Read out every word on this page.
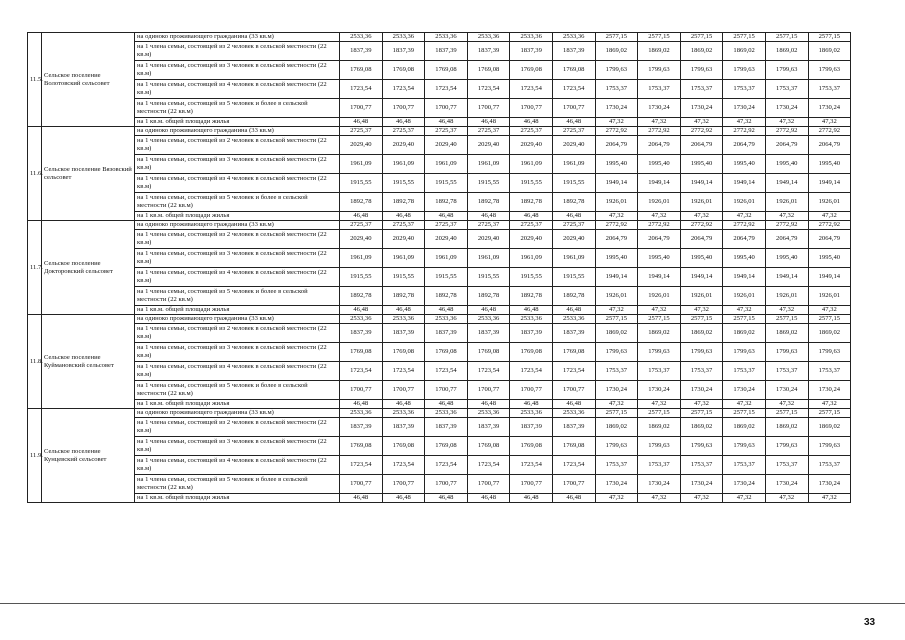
11.5.	Сельское поселение Волотовский сельсовет	на одиноко проживающего гражданина (33 кв.м)	2533,36	2533,36	2533,36	2533,36	2533,36	2533,36	2577,15	2577,15	2577,15	2577,15	2577,15	2577,15
		на 1 члена семьи, состоящей из 2 человек в сельской местности (22 кв.м)	1837,39	1837,39	1837,39	1837,39	1837,39	1837,39	1869,02	1869,02	1869,02	1869,02	1869,02	1869,02
		на 1 члена семьи, состоящей из 3 человек в сельской местности (22 кв.м)	1769,08	1769,08	1769,08	1769,08	1769,08	1769,08	1799,63	1799,63	1799,63	1799,63	1799,63	1799,63
		на 1 члена семьи, состоящей из 4 человек в сельской местности (22 кв.м)	1723,54	1723,54	1723,54	1723,54	1723,54	1723,54	1753,37	1753,37	1753,37	1753,37	1753,37	1753,37
		на 1 члена семьи, состоящей из 5 человек и более в сельской местности (22 кв.м)	1700,77	1700,77	1700,77	1700,77	1700,77	1700,77	1730,24	1730,24	1730,24	1730,24	1730,24	1730,24
		на 1 кв.м. общей площади жилья	46,48	46,48	46,48	46,48	46,48	46,48	47,32	47,32	47,32	47,32	47,32	47,32
11.6.	Сельское поселение Вязовский сельсовет	на одиноко проживающего гражданина (33 кв.м)	2725,37	2725,37	2725,37	2725,37	2725,37	2725,37	2772,92	2772,92	2772,92	2772,92	2772,92	2772,92
		на 1 члена семьи, состоящей из 2 человек в сельской местности (22 кв.м)	2029,40	2029,40	2029,40	2029,40	2029,40	2029,40	2064,79	2064,79	2064,79	2064,79	2064,79	2064,79
		на 1 члена семьи, состоящей из 3 человек в сельской местности (22 кв.м)	1961,09	1961,09	1961,09	1961,09	1961,09	1961,09	1995,40	1995,40	1995,40	1995,40	1995,40	1995,40
		на 1 члена семьи, состоящей из 4 человек в сельской местности (22 кв.м)	1915,55	1915,55	1915,55	1915,55	1915,55	1915,55	1949,14	1949,14	1949,14	1949,14	1949,14	1949,14
		на 1 члена семьи, состоящей из 5 человек и более в сельской местности (22 кв.м)	1892,78	1892,78	1892,78	1892,78	1892,78	1892,78	1926,01	1926,01	1926,01	1926,01	1926,01	1926,01
		на 1 кв.м. общей площади жилья	46,48	46,48	46,48	46,48	46,48	46,48	47,32	47,32	47,32	47,32	47,32	47,32
11.7.	Сельское поселение Докторовский сельсовет	на одиноко проживающего гражданина (33 кв.м)	2725,37	2725,37	2725,37	2725,37	2725,37	2725,37	2772,92	2772,92	2772,92	2772,92	2772,92	2772,92
		на 1 члена семьи, состоящей из 2 человек в сельской местности (22 кв.м)	2029,40	2029,40	2029,40	2029,40	2029,40	2029,40	2064,79	2064,79	2064,79	2064,79	2064,79	2064,79
		на 1 члена семьи, состоящей из 3 человек в сельской местности (22 кв.м)	1961,09	1961,09	1961,09	1961,09	1961,09	1961,09	1995,40	1995,40	1995,40	1995,40	1995,40	1995,40
		на 1 члена семьи, состоящей из 4 человек в сельской местности (22 кв.м)	1915,55	1915,55	1915,55	1915,55	1915,55	1915,55	1949,14	1949,14	1949,14	1949,14	1949,14	1949,14
		на 1 члена семьи, состоящей из 5 человек и более в сельской местности (22 кв.м)	1892,78	1892,78	1892,78	1892,78	1892,78	1892,78	1926,01	1926,01	1926,01	1926,01	1926,01	1926,01
		на 1 кв.м. общей площади жилья	46,48	46,48	46,48	46,48	46,48	46,48	47,32	47,32	47,32	47,32	47,32	47,32
11.8.	Сельское поселение Куймановский сельсовет	на одиноко проживающего гражданина (33 кв.м)	2533,36	2533,36	2533,36	2533,36	2533,36	2533,36	2577,15	2577,15	2577,15	2577,15	2577,15	2577,15
		на 1 члена семьи, состоящей из 2 человек в сельской местности (22 кв.м)	1837,39	1837,39	1837,39	1837,39	1837,39	1837,39	1869,02	1869,02	1869,02	1869,02	1869,02	1869,02
		на 1 члена семьи, состоящей из 3 человек в сельской местности (22 кв.м)	1769,08	1769,08	1769,08	1769,08	1769,08	1769,08	1799,63	1799,63	1799,63	1799,63	1799,63	1799,63
		на 1 члена семьи, состоящей из 4 человек в сельской местности (22 кв.м)	1723,54	1723,54	1723,54	1723,54	1723,54	1723,54	1753,37	1753,37	1753,37	1753,37	1753,37	1753,37
		на 1 члена семьи, состоящей из 5 человек и более в сельской местности (22 кв.м)	1700,77	1700,77	1700,77	1700,77	1700,77	1700,77	1730,24	1730,24	1730,24	1730,24	1730,24	1730,24
		на 1 кв.м. общей площади жилья	46,48	46,48	46,48	46,48	46,48	46,48	47,32	47,32	47,32	47,32	47,32	47,32
11.9.	Сельское поселение Кунцевский сельсовет	на одиноко проживающего гражданина (33 кв.м)	2533,36	2533,36	2533,36	2533,36	2533,36	2533,36	2577,15	2577,15	2577,15	2577,15	2577,15	2577,15
		на 1 члена семьи, состоящей из 2 человек в сельской местности (22 кв.м)	1837,39	1837,39	1837,39	1837,39	1837,39	1837,39	1869,02	1869,02	1869,02	1869,02	1869,02	1869,02
		на 1 члена семьи, состоящей из 3 человек в сельской местности (22 кв.м)	1769,08	1769,08	1769,08	1769,08	1769,08	1769,08	1799,63	1799,63	1799,63	1799,63	1799,63	1799,63
		на 1 члена семьи, состоящей из 4 человек в сельской местности (22 кв.м)	1723,54	1723,54	1723,54	1723,54	1723,54	1723,54	1753,37	1753,37	1753,37	1753,37	1753,37	1753,37
		на 1 члена семьи, состоящей из 5 человек и более в сельской местности (22 кв.м)	1700,77	1700,77	1700,77	1700,77	1700,77	1700,77	1730,24	1730,24	1730,24	1730,24	1730,24	1730,24
		на 1 кв.м. общей площади жилья	46,48	46,48	46,48	46,48	46,48	46,48	47,32	47,32	47,32	47,32	47,32	47,32
33
